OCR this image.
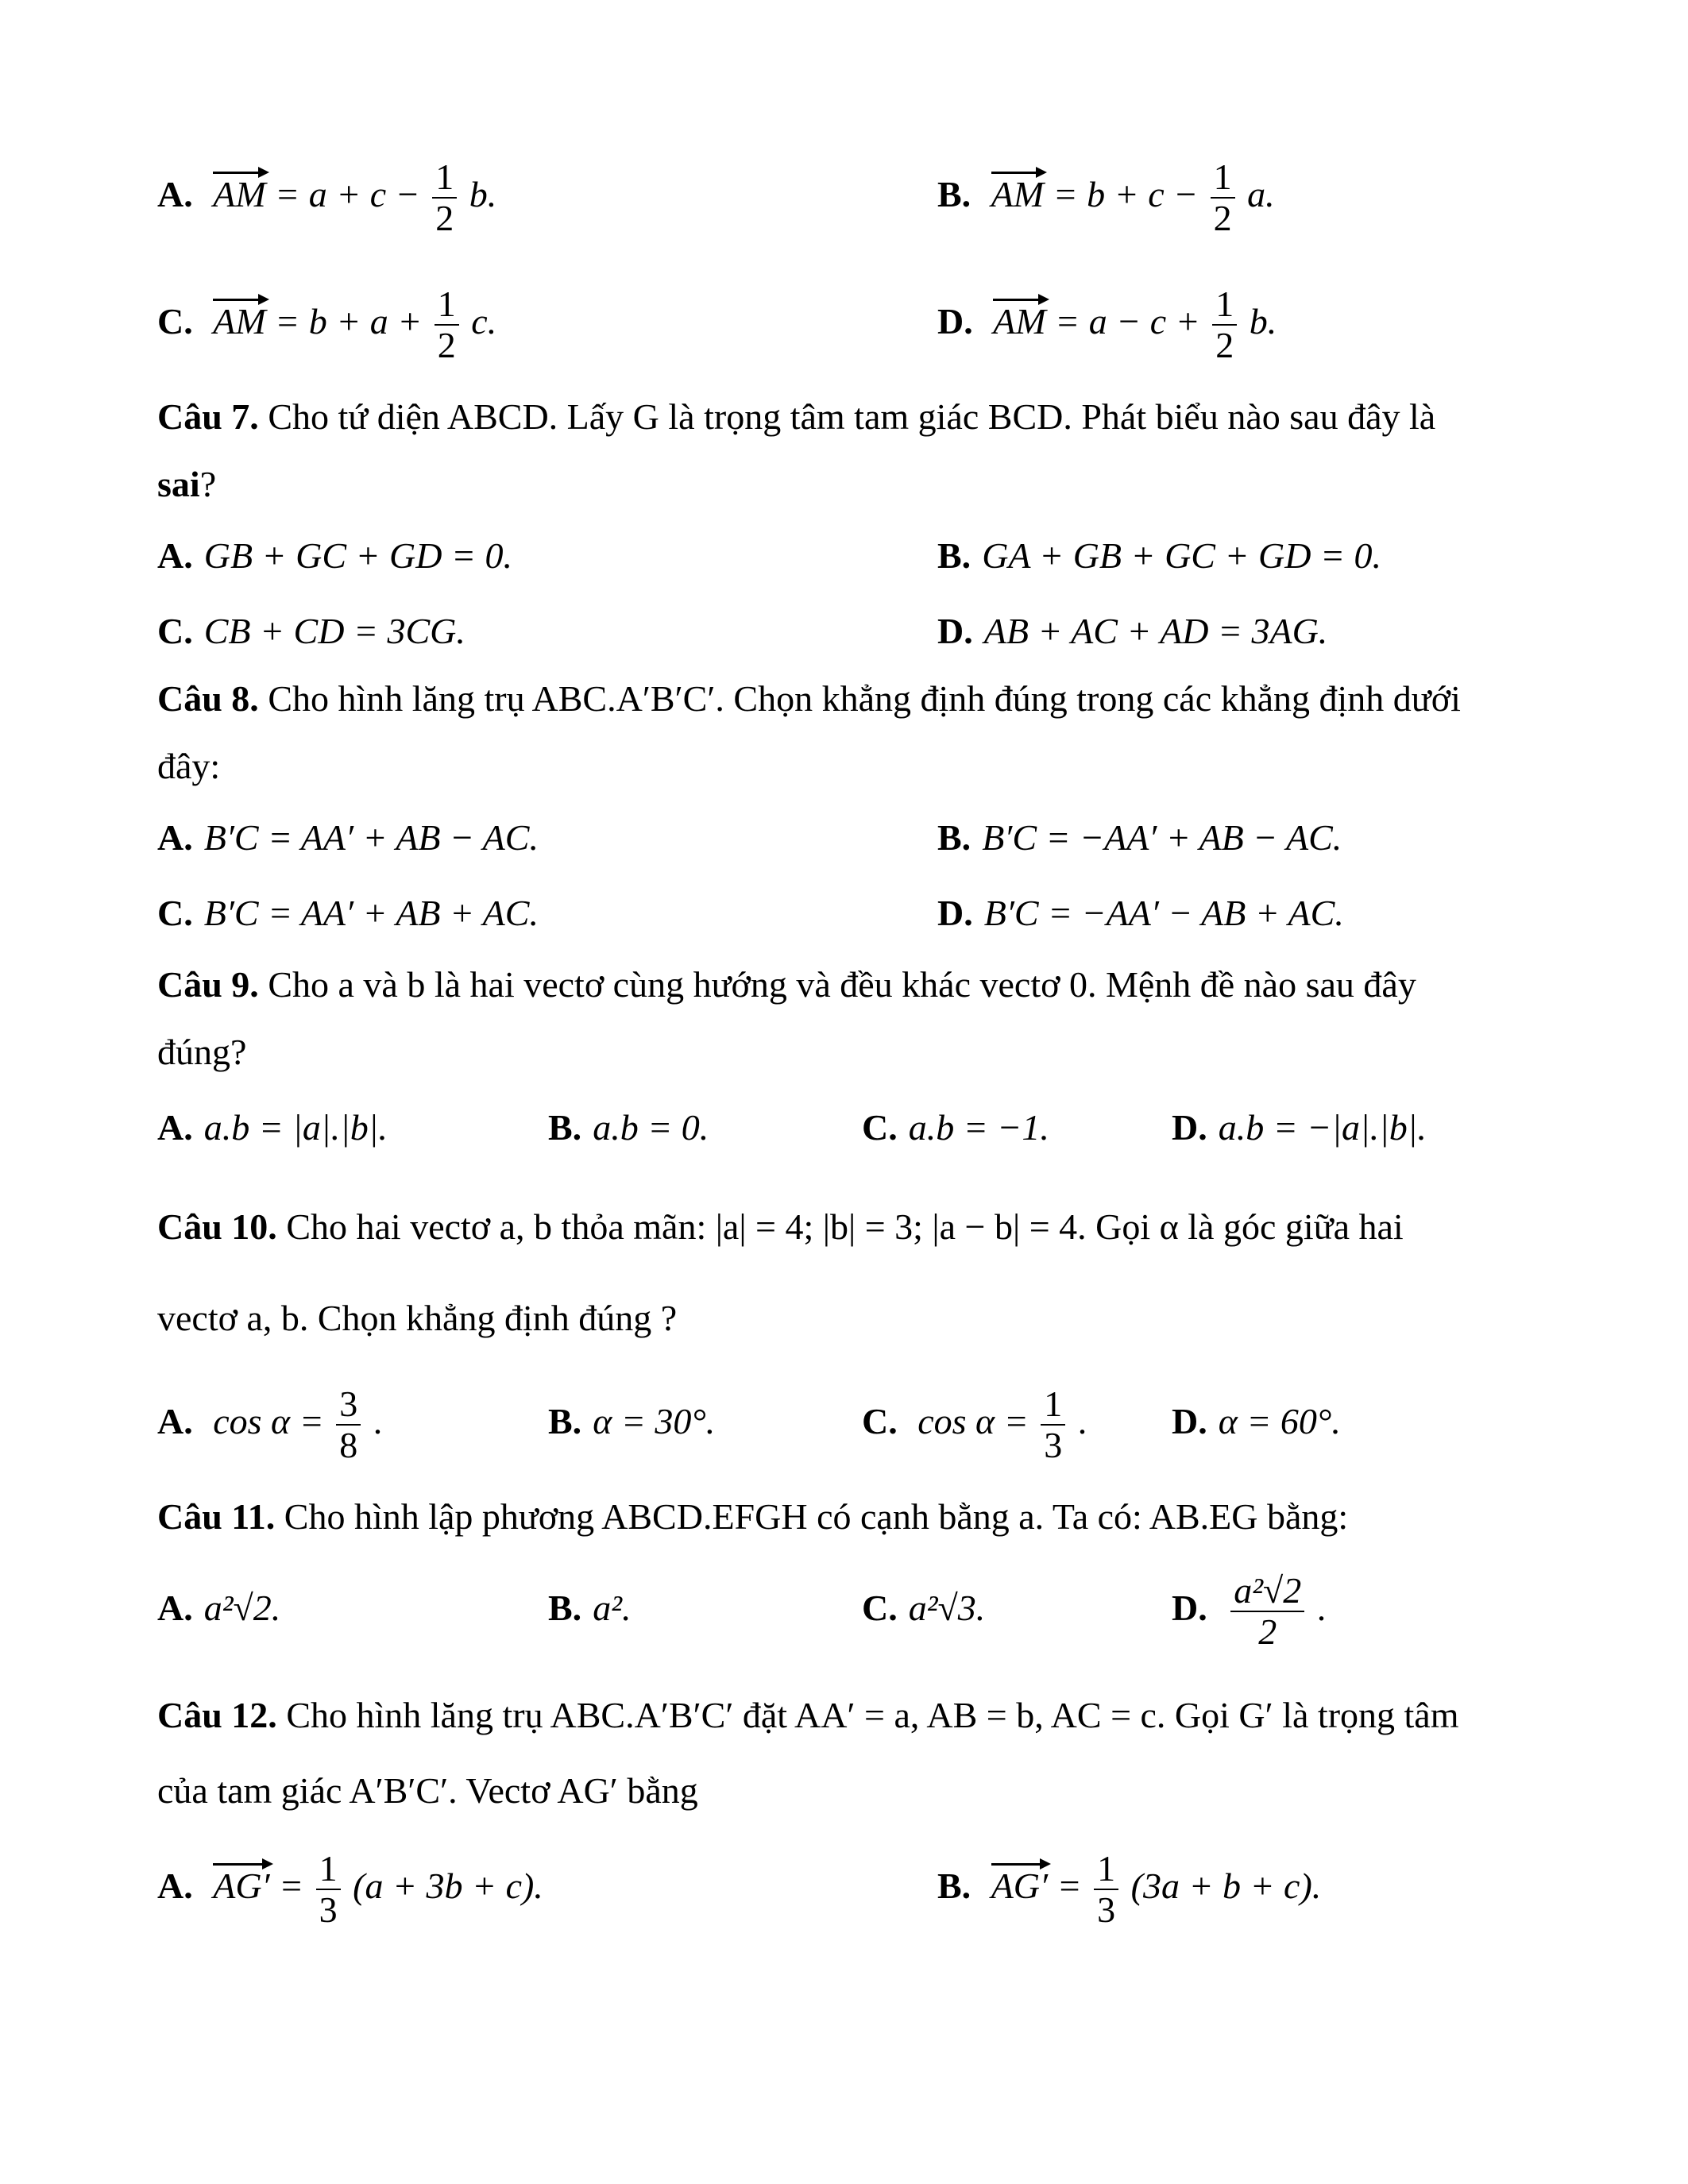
A. AM = $a + c - \frac{1}{2} b$.	B. AM = $b + c - \frac{1}{2} a$.
C. AM = $b + a + \frac{1}{2} c$.	D. AM = $a - c + \frac{1}{2} b$.
Câu 7. Cho tứ diện ABCD. Lấy G là trọng tâm tam giác BCD. Phát biểu nào sau đây là
sai?
A. GB + GC + GD = 0.	B. GA + GB + GC + GD = 0.
C. CB + CD = 3CG.	D. AB + AC + AD = 3AG.
Câu 8. Cho hình lăng trụ ABC.A′B′C′. Chọn khẳng định đúng trong các khẳng định dưới
đây:
A. B′C = AA′ + AB − AC.	B. B′C = −AA′ + AB − AC.
C. B′C = AA′ + AB + AC.	D. B′C = −AA′ − AB + AC.
Câu 9. Cho a và b là hai vectơ cùng hướng và đều khác vectơ 0. Mệnh đề nào sau đây
đúng?
A. a.b = |a|.|b|.	B. a.b = 0.	C. a.b = −1.	D. a.b = −|a|.|b|.
Câu 10. Cho hai vectơ a, b thỏa mãn: |a| = 4; |b| = 3; |a − b| = 4. Gọi α là góc giữa hai
vectơ a, b. Chọn khẳng định đúng ?
A. $\cos \alpha = \frac{3}{8}$ .	B. α = 30°.	C. $\cos \alpha = \frac{1}{3}$ . D. α = 60°.
Câu 11. Cho hình lập phương ABCD.EFGH có cạnh bằng a. Ta có: AB.EG bằng:
A. a²√2.	B. a².	C. a²√3.	D. $\frac{\text{a²√2}}{2}$ .
Câu 12. Cho hình lăng trụ ABC.A′B′C′ đặt AA′ = a, AB = b, AC = c. Gọi G′ là trọng tâm
của tam giác A′B′C′. Vectơ AG′ bằng
A. $AG' = \frac{1}{3} (a + 3b + c)$.	B. $AG' = \frac{1}{3} (3a + b + c)$.
